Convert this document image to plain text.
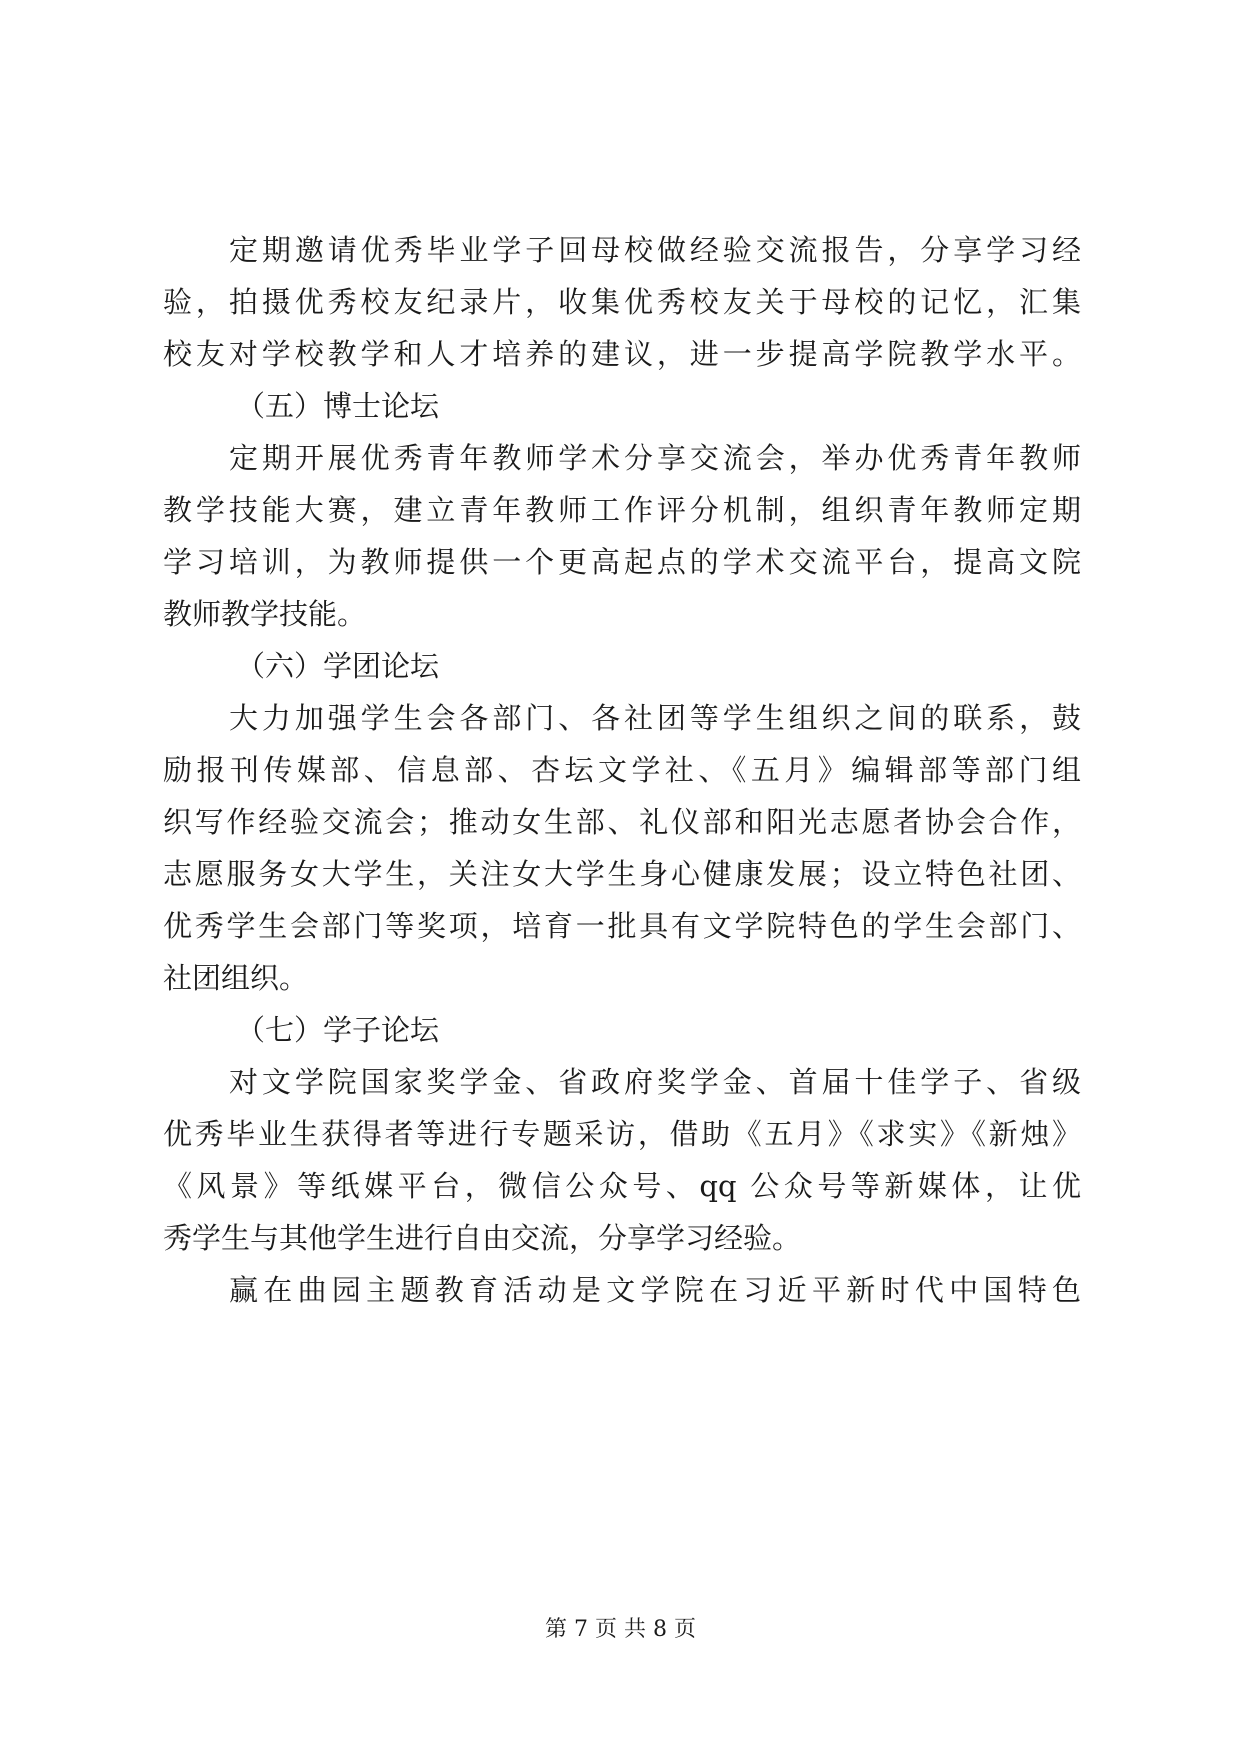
定期邀请优秀毕业学子回母校做经验交流报告，分享学习经
验，拍摄优秀校友纪录片，收集优秀校友关于母校的记忆，汇集
校友对学校教学和人才培养的建议，进一步提高学院教学水平。

（五）博士论坛

定期开展优秀青年教师学术分享交流会，举办优秀青年教师
教学技能大赛，建立青年教师工作评分机制，组织青年教师定期
学习培训，为教师提供一个更高起点的学术交流平台，提高文院
教师教学技能。

（六）学团论坛

大力加强学生会各部门、各社团等学生组织之间的联系，鼓
励报刊传媒部、信息部、杏坛文学社、《五月》编辑部等部门组
织写作经验交流会；推动女生部、礼仪部和阳光志愿者协会合作，
志愿服务女大学生，关注女大学生身心健康发展；设立特色社团、
优秀学生会部门等奖项，培育一批具有文学院特色的学生会部门、
社团组织。

（七）学子论坛

对文学院国家奖学金、省政府奖学金、首届十佳学子、省级
优秀毕业生获得者等进行专题采访，借助《五月》《求实》《新烛》
《风景》等纸媒平台，微信公众号、qq 公众号等新媒体，让优
秀学生与其他学生进行自由交流，分享学习经验。

赢在曲园主题教育活动是文学院在习近平新时代中国特色

第 7 页 共 8 页
